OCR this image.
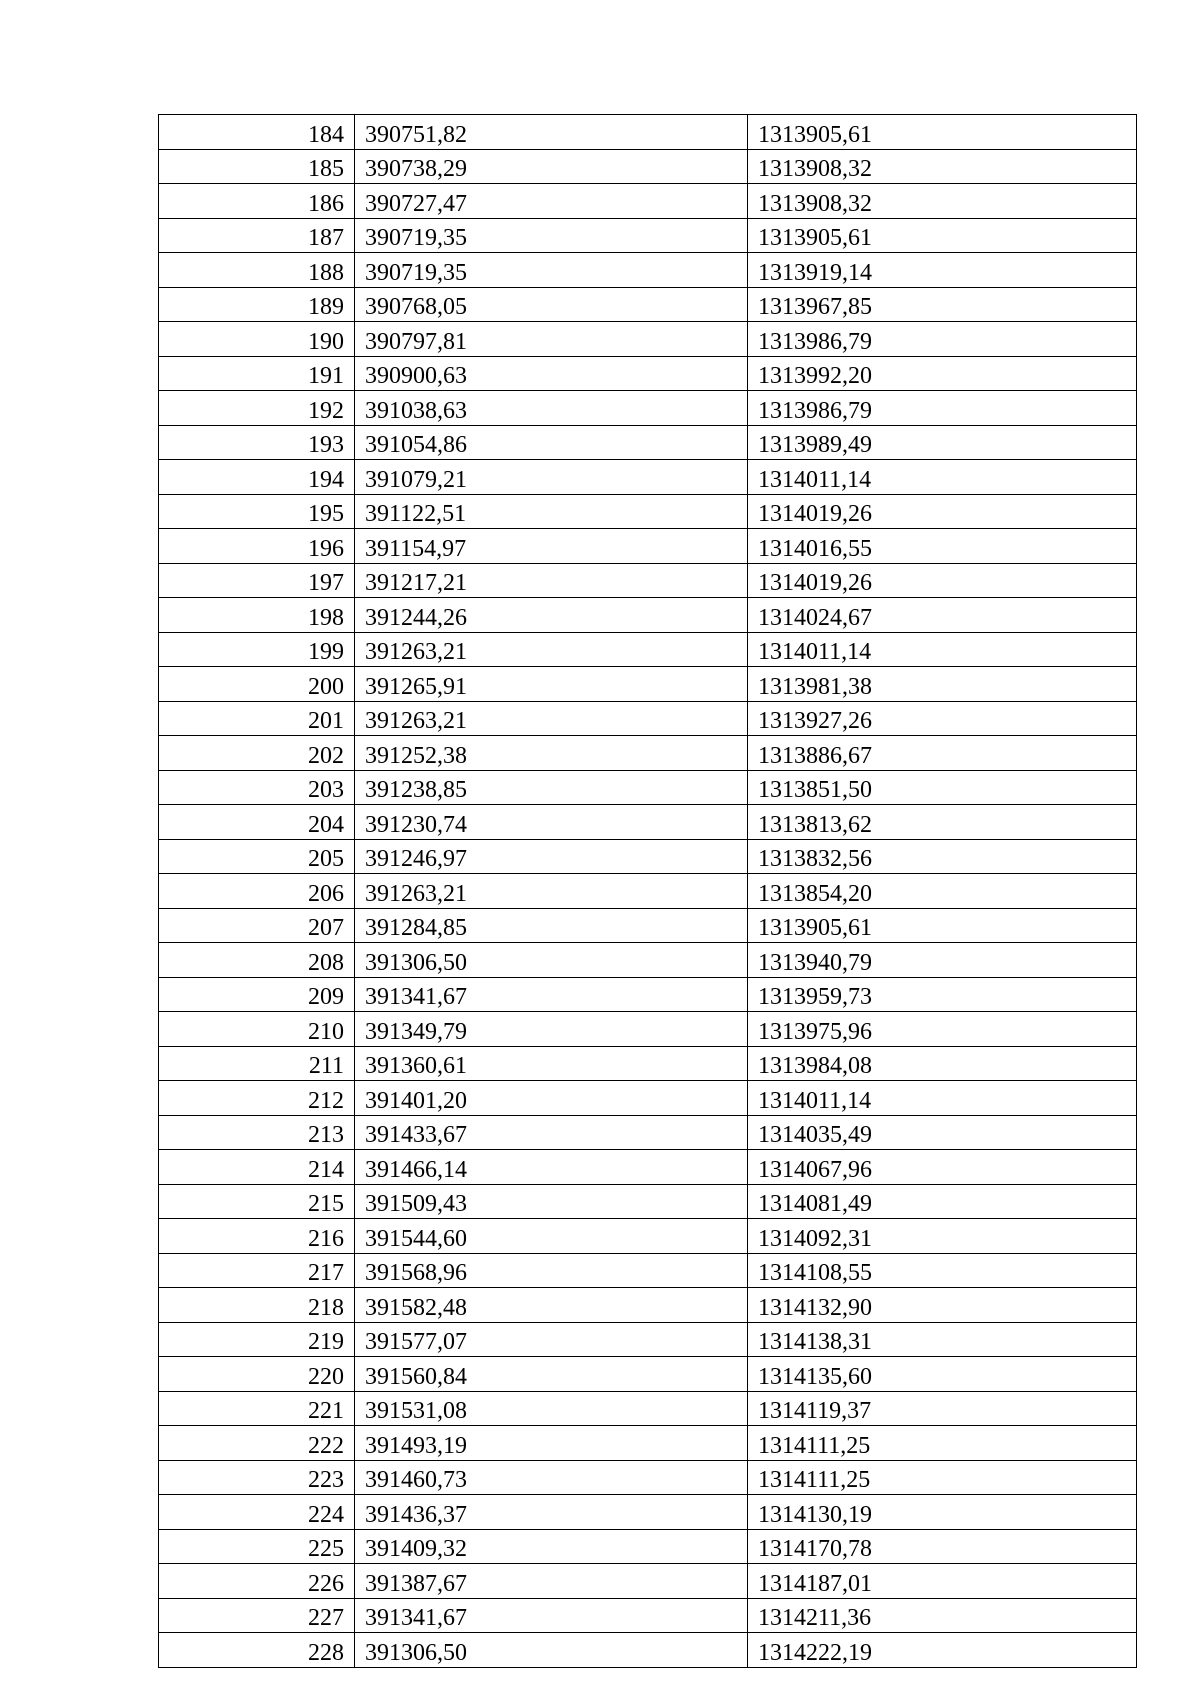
184	390751,82	1313905,61
185	390738,29	1313908,32
186	390727,47	1313908,32
187	390719,35	1313905,61
188	390719,35	1313919,14
189	390768,05	1313967,85
190	390797,81	1313986,79
191	390900,63	1313992,20
192	391038,63	1313986,79
193	391054,86	1313989,49
194	391079,21	1314011,14
195	391122,51	1314019,26
196	391154,97	1314016,55
197	391217,21	1314019,26
198	391244,26	1314024,67
199	391263,21	1314011,14
200	391265,91	1313981,38
201	391263,21	1313927,26
202	391252,38	1313886,67
203	391238,85	1313851,50
204	391230,74	1313813,62
205	391246,97	1313832,56
206	391263,21	1313854,20
207	391284,85	1313905,61
208	391306,50	1313940,79
209	391341,67	1313959,73
210	391349,79	1313975,96
211	391360,61	1313984,08
212	391401,20	1314011,14
213	391433,67	1314035,49
214	391466,14	1314067,96
215	391509,43	1314081,49
216	391544,60	1314092,31
217	391568,96	1314108,55
218	391582,48	1314132,90
219	391577,07	1314138,31
220	391560,84	1314135,60
221	391531,08	1314119,37
222	391493,19	1314111,25
223	391460,73	1314111,25
224	391436,37	1314130,19
225	391409,32	1314170,78
226	391387,67	1314187,01
227	391341,67	1314211,36
228	391306,50	1314222,19
